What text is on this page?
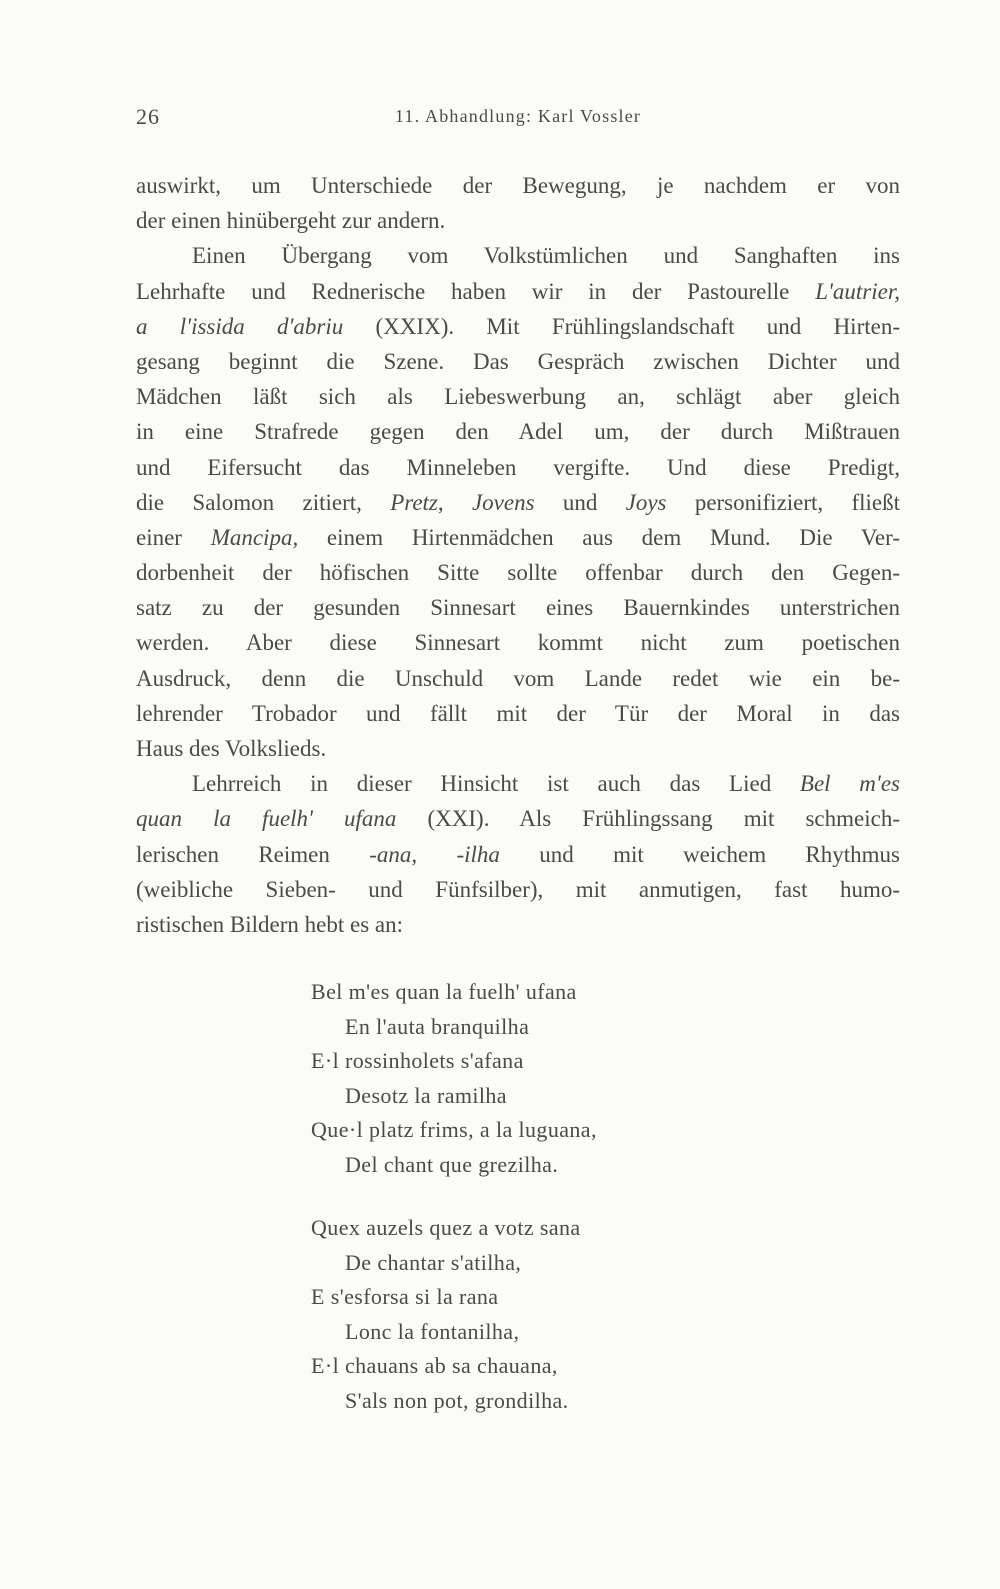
26	11. Abhandlung: Karl Vossler
auswirkt, um Unterschiede der Bewegung, je nachdem er von
der einen hinübergeht zur andern.
Einen Übergang vom Volkstümlichen und Sanghaften ins
Lehrhafte und Rednerische haben wir in der Pastourelle L'autrier,
a l'issida d'abriu (XXIX). Mit Frühlingslandschaft und Hirten-
gesang beginnt die Szene. Das Gespräch zwischen Dichter und
Mädchen läßt sich als Liebeswerbung an, schlägt aber gleich
in eine Strafrede gegen den Adel um, der durch Mißtrauen
und Eifersucht das Minneleben vergifte. Und diese Predigt,
die Salomon zitiert, Pretz, Jovens und Joys personifiziert, fließt
einer Mancipa, einem Hirtenmädchen aus dem Mund. Die Ver-
dorbenheit der höfischen Sitte sollte offenbar durch den Gegen-
satz zu der gesunden Sinnesart eines Bauernkindes unterstrichen
werden. Aber diese Sinnesart kommt nicht zum poetischen
Ausdruck, denn die Unschuld vom Lande redet wie ein be-
lehrender Trobador und fällt mit der Tür der Moral in das
Haus des Volkslieds.
Lehrreich in dieser Hinsicht ist auch das Lied Bel m'es
quan la fuelh' ufana (XXI). Als Frühlingssang mit schmeich-
lerischen Reimen -ana, -ilha und mit weichem Rhythmus
(weibliche Sieben- und Fünfsilber), mit anmutigen, fast humo-
ristischen Bildern hebt es an:
Bel m'es quan la fuelh' ufana
En l'auta branquilha
E·l rossinholets s'afana
Desotz la ramilha
Que·l platz frims, a la luguana,
Del chant que grezilha.
Quex auzels quez a votz sana
De chantar s'atilha,
E s'esforsa si la rana
Lonc la fontanilha,
E·l chauans ab sa chauana,
S'als non pot, grondilha.
